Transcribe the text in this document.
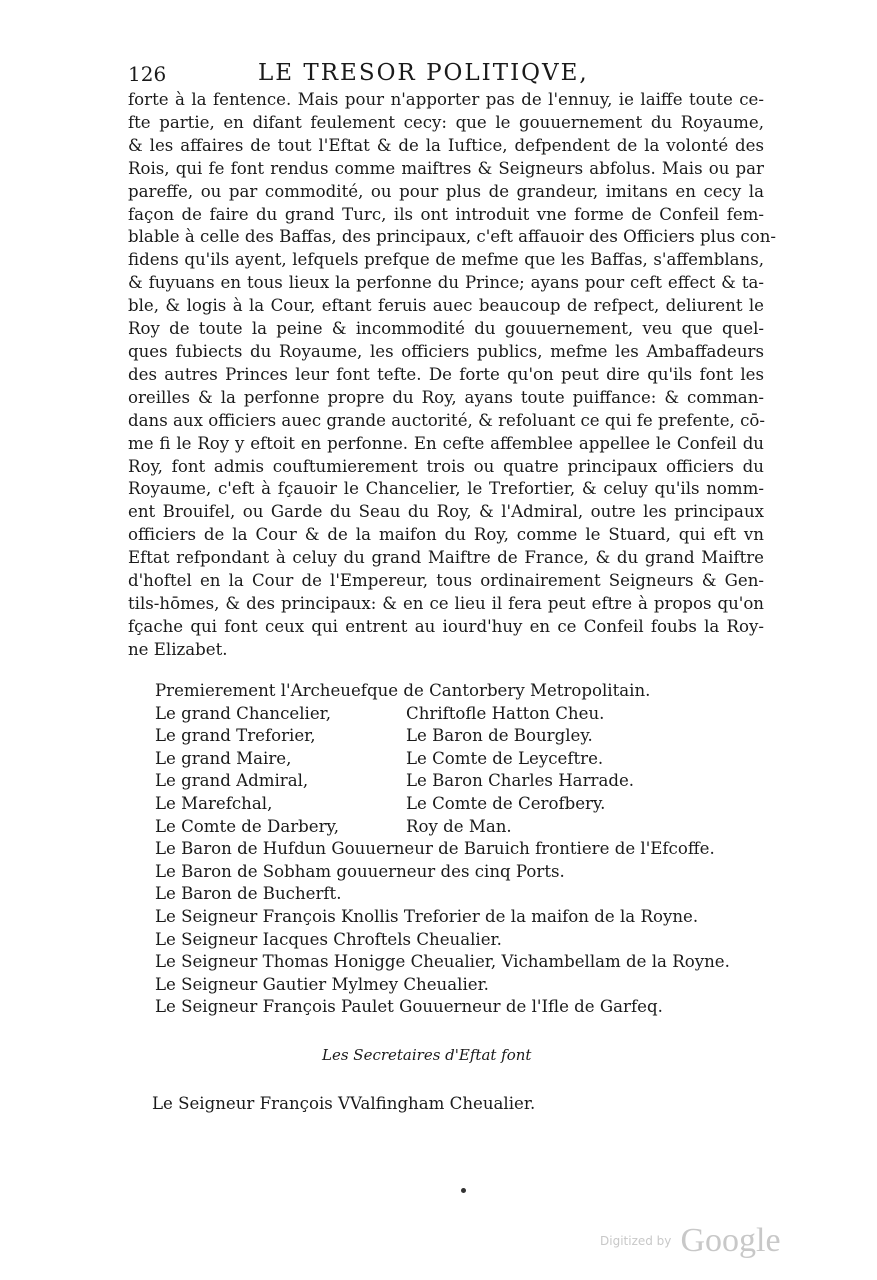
126	LE TRESOR POLITIQVE,
forte à la fentence. Mais pour n'apporter pas de l'ennuy, ie laiffe toute ce-
fte partie, en difant feulement cecy: que le gouuernement du Royaume,
& les affaires de tout l'Eftat & de la Iuftice, defpendent de la volonté des
Rois, qui fe font rendus comme maiftres & Seigneurs abfolus. Mais ou par
pareffe, ou par commodité, ou pour plus de grandeur, imitans en cecy la
façon de faire du grand Turc, ils ont introduit vne forme de Confeil fem-
blable à celle des Baffas, des principaux, c'eft affauoir des Officiers plus con-
fidens qu'ils ayent, lefquels prefque de mefme que les Baffas, s'affemblans,
& fuyuans en tous lieux la perfonne du Prince; ayans pour ceft effect & ta-
ble, & logis à la Cour, eftant feruis auec beaucoup de refpect, deliurent le
Roy de toute la peine & incommodité du gouuernement, veu que quel-
ques fubiects du Royaume, les officiers publics, mefme les Ambaffadeurs
des autres Princes leur font tefte. De forte qu'on peut dire qu'ils font les
oreilles & la perfonne propre du Roy, ayans toute puiffance: & comman-
dans aux officiers auec grande auctorité, & refoluant ce qui fe prefente, cō-
me fi le Roy y eftoit en perfonne. En cefte affemblee appellee le Confeil du
Roy, font admis couftumierement trois ou quatre principaux officiers du
Royaume, c'eft à fçauoir le Chancelier, le Trefortier, & celuy qu'ils nomm-
ent Brouifel, ou Garde du Seau du Roy, & l'Admiral, outre les principaux
officiers de la Cour & de la maifon du Roy, comme le Stuard, qui eft vn
Eftat refpondant à celuy du grand Maiftre de France, & du grand Maiftre
d'hoftel en la Cour de l'Empereur, tous ordinairement Seigneurs & Gen-
tils-hōmes, & des principaux: & en ce lieu il fera peut eftre à propos qu'on
fçache qui font ceux qui entrent au iourd'huy en ce Confeil foubs la Roy-
ne Elizabet.
Premierement l'Archeuefque de Cantorbery Metropolitain.
Le grand Chancelier,	Chriftofle Hatton Cheu.
Le grand Treforier,	Le Baron de Bourgley.
Le grand Maire,	Le Comte de Leyceftre.
Le grand Admiral,	Le Baron Charles Harrade.
Le Marefchal,	Le Comte de Cerofbery.
Le Comte de Darbery,	Roy de Man.
Le Baron de Hufdun Gouuerneur de Baruich frontiere de l'Efcoffe.
Le Baron de Sobham gouuerneur des cinq Ports.
Le Baron de Bucherft.
Le Seigneur François Knollis Treforier de la maifon de la Royne.
Le Seigneur Iacques Chroftels Cheualier.
Le Seigneur Thomas Honigge Cheualier, Vichambellam de la Royne.
Le Seigneur Gautier Mylmey Cheualier.
Le Seigneur François Paulet Gouuerneur de l'Ifle de Garfeq.
Les Secretaires d'Eftat font
Le Seigneur François VValfingham Cheualier.
Digitized by Google
